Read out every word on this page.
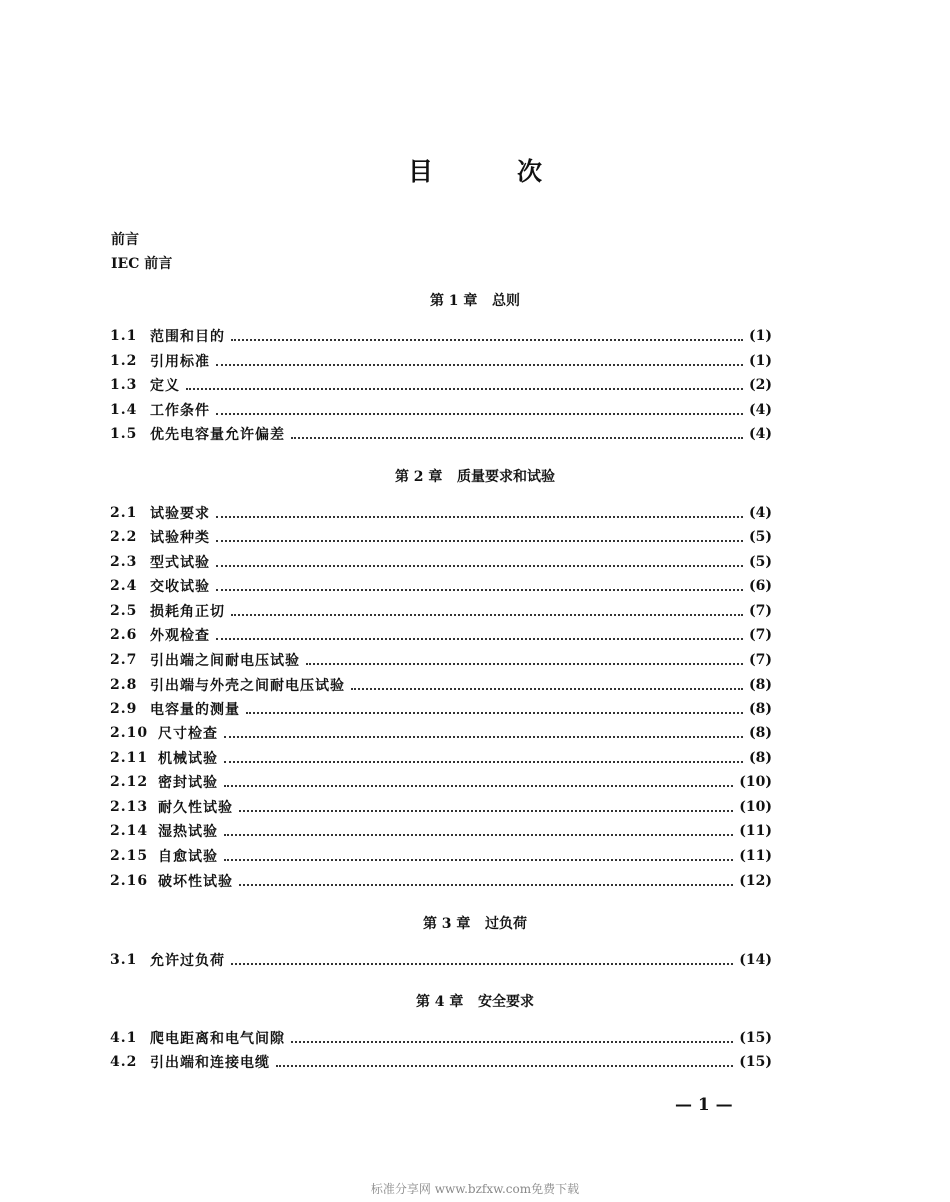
目	次
前言
IEC 前言
第 1 章   总则
第 2 章   质量要求和试验
第 3 章   过负荷
第 4 章   安全要求
1.1 范围和目的	(1)
1.2 引用标准	(1)
1.3 定义	(2)
1.4 工作条件	(4)
1.5 优先电容量允许偏差	(4)
2.1 试验要求	(4)
2.2 试验种类	(5)
2.3 型式试验	(5)
2.4 交收试验	(6)
2.5 损耗角正切	(7)
2.6 外观检查	(7)
2.7 引出端之间耐电压试验	(7)
2.8 引出端与外壳之间耐电压试验	(8)
2.9 电容量的测量	(8)
2.10 尺寸检查	(8)
2.11 机械试验	(8)
2.12 密封试验	(10)
2.13 耐久性试验	(10)
2.14 湿热试验	(11)
2.15 自愈试验	(11)
2.16 破坏性试验	(12)
3.1 允许过负荷	(14)
4.1 爬电距离和电气间隙	(15)
4.2 引出端和连接电缆	(15)
— 1 —
标准分享网 www.bzfxw.com免费下载
